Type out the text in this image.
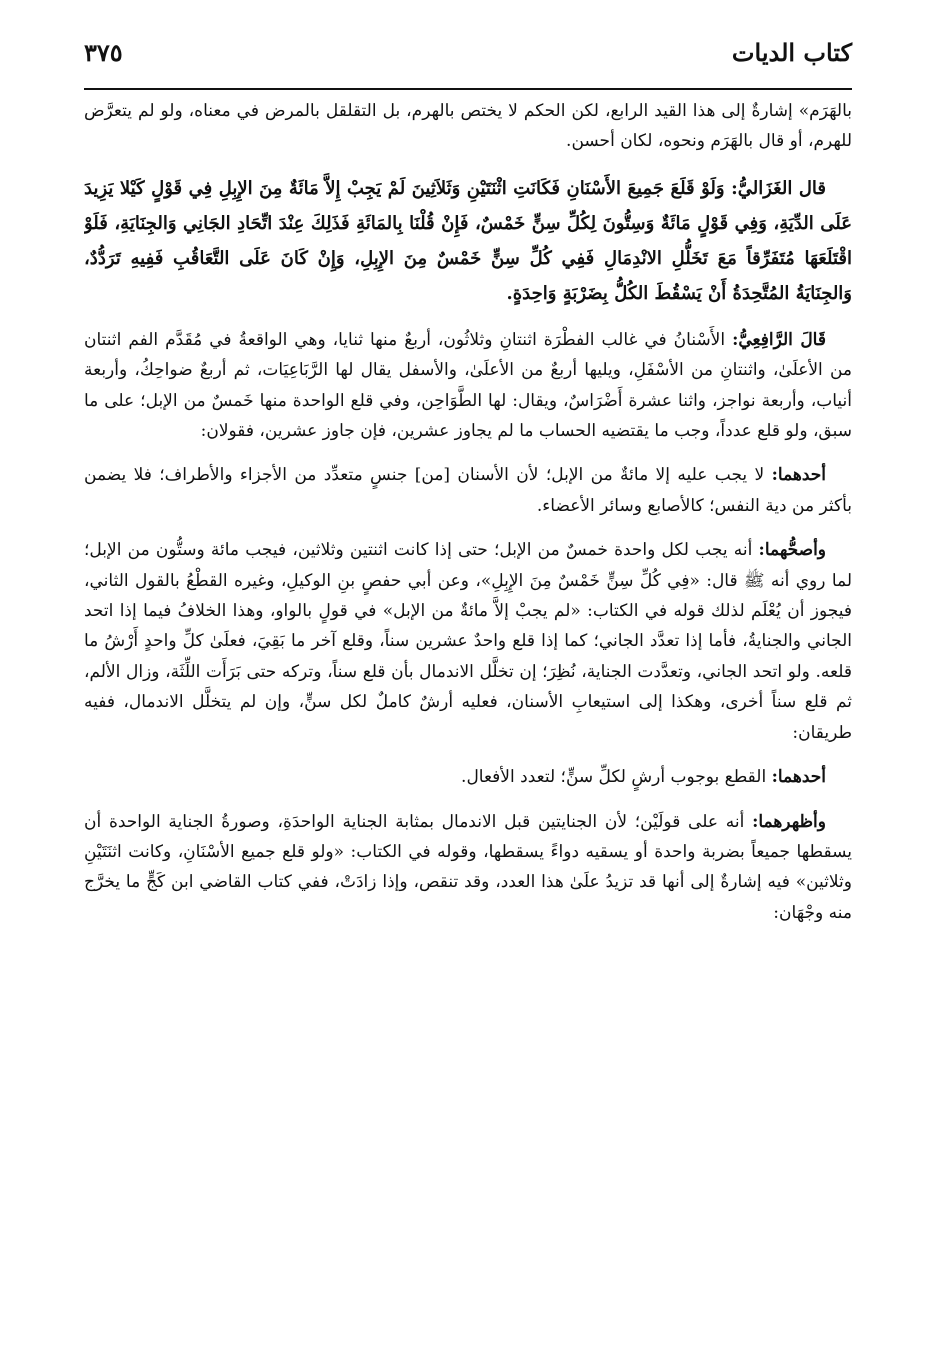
كتاب الديات
٣٧٥

بالهَرَم» إشارةٌ إلى هذا القيد الرابع، لكن الحكم لا يختص بالهرم، بل التقلقل بالمرض في معناه، ولو لم يتعرَّض للهرم، أو قال بالهَرَم ونحوه، لكان أحسن.

قال الغَزَاليُّ: وَلَوْ قَلَعَ جَمِيعَ الأَسْنَانِ فَكَانَتِ اثْنَتَيْنِ وَثَلاَثِينَ لَمْ يَجِبْ إِلاَّ مَائَةٌ مِنَ الإِبِلِ فِي قَوْلٍ كَيْلا يَزِيدَ عَلَى الدِّيَةِ، وَفِي قَوْلٍ مَائَةٌ وَسِتُّونَ لِكُلِّ سِنٍّ خَمْسٌ، فَإِنْ قُلْنَا بِالمَائَةِ فَذَلِكَ عِنْدَ اتِّحَادِ الجَانِي وَالجِنَايَةِ، فَلَوْ اقْتَلَعَهَا مُتَفَرِّقاً مَعَ تَخَلُّلِ الانْدِمَالِ فَفِي كُلِّ سِنٍّ خَمْسٌ مِنَ الإِبِلِ، وَإِنْ كَانَ عَلَى التَّعَاقُبِ فَفِيهِ تَرَدُّدٌ، وَالجِنَايَةُ المُتَّحِدَةُ أَنْ يَسْقُطَ الكُلُّ بِضَرْبَةٍ وَاحِدَةٍ.

قَالَ الرَّافِعِيُّ: الأَسْنانُ في غالب الفطْرَة اثنتانِ وثلاثُون، أربعٌ منها ثنايا، وهي الواقعةُ في مُقَدَّم الفم اثنتان من الأعلَىٰ، واثنتانِ من الأسْفَلِ، ويليها أربعٌ من الأعلَىٰ، والأسفل يقال لها الرَّبَاعِيَات، ثم أربعٌ ضواحِكُ، وأربعة أنياب، وأربعة نواجز، واثنا عشرة أَضْرَاسٌ، ويقال: لها الطَّوَاحِن، وفي قلع الواحدة منها خَمسٌ من الإبل؛ على ما سبق، ولو قلع عدداً، وجب ما يقتضيه الحساب ما لم يجاوز عشرين، فإن جاوز عشرين، فقولان:

أحدهما: لا يجب عليه إلا مائةٌ من الإبل؛ لأن الأسنان [من] جنسٍ متعدِّد من الأجزاء والأطراف؛ فلا يضمن بأكثر من دية النفس؛ كالأصابع وسائر الأعضاء.

وأصحُّهما: أنه يجب لكل واحدة خمسٌ من الإبل؛ حتى إذا كانت اثنتين وثلاثين، فيجب مائة وستُّون من الإبل؛ لما روي أنه ﷺ قال: «فِي كُلِّ سِنٍّ خَمْسٌ مِنَ الإِبِلِ»، وعن أبي حفصٍ بنِ الوكيلِ، وغيره القطْعُ بالقول الثاني، فيجوز أن يُعْلَم لذلك قوله في الكتاب: «لم يجبْ إلاَّ مائةٌ من الإبل» في قولٍ بالواو، وهذا الخلافُ فيما إذا اتحد الجاني والجنايةُ، فأما إذا تعدَّد الجاني؛ كما إذا قلع واحدٌ عشرين سناً، وقلع آخر ما بَقِيَ، فعلَىٰ كلِّ واحدٍ أَرْشُ ما قلعه. ولو اتحد الجاني، وتعدَّدت الجناية، نُظِرَ؛ إن تخلَّل الاندمال بأن قلع سناً، وتركه حتى بَرَأَت اللِّثَة، وزال الألم، ثم قلع سناً أخرى، وهكذا إلى استيعابِ الأسنان، فعليه أرشٌ كاملٌ لكل سنٍّ، وإن لم يتخلَّل الاندمال، ففيه طريقان:

أحدهما: القطع بوجوب أرشٍ لكلِّ سنٍّ؛ لتعدد الأفعال.

وأظهرهما: أنه على قولَيْن؛ لأن الجنايتين قبل الاندمال بمثابة الجناية الواحدَةِ، وصورةُ الجناية الواحدة أن يسقطها جميعاً بضربة واحدة أو يسقيه دواءً يسقطها، وقوله في الكتاب: «ولو قلع جميع الأسْنَانِ، وكانت اثنَتَيْنِ وثلاثين» فيه إشارةٌ إلى أنها قد تزيدُ علَىٰ هذا العدد، وقد تنقص، وإذا زادَتْ، ففي كتاب القاضي ابن كَجٍّ ما يخرَّج منه وجْهَان:
